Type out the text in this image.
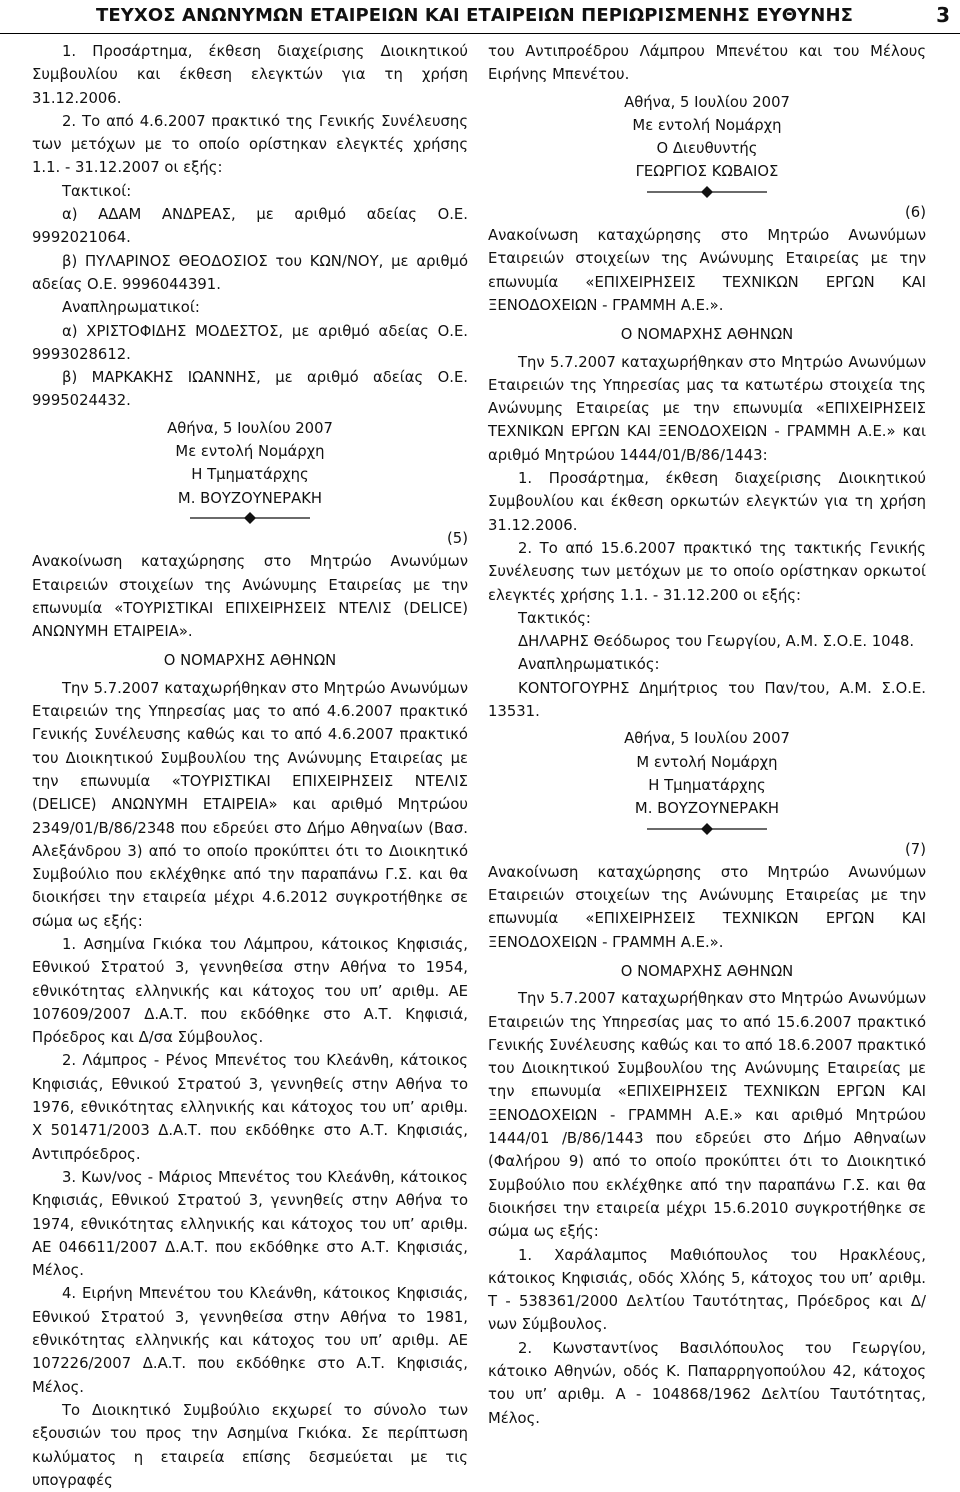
ΤΕΥΧΟΣ ΑΝΩΝΥΜΩΝ ΕΤΑΙΡΕΙΩΝ ΚΑΙ ΕΤΑΙΡΕΙΩΝ ΠΕΡΙΩΡΙΣΜΕΝΗΣ ΕΥΘΥΝΗΣ	3

1. Προσάρτημα, έκθεση διαχείρισης Διοικητικού Συμβουλίου και έκθεση ελεγκτών για τη χρήση 31.12.2006.

2. Το από 4.6.2007 πρακτικό της Γενικής Συνέλευσης των μετόχων με το οποίο ορίστηκαν ελεγκτές χρήσης 1.1. - 31.12.2007 οι εξής:

Τακτικοί:

α) ΑΔΑΜ ΑΝΔΡΕΑΣ, με αριθμό αδείας Ο.Ε. 9992021064.

β) ΠΥΛΑΡΙΝΟΣ ΘΕΟΔΟΣΙΟΣ του ΚΩΝ/ΝΟΥ, με αριθμό αδείας Ο.Ε. 9996044391.

Αναπληρωματικοί:

α) ΧΡΙΣΤΟΦΙΔΗΣ ΜΟΔΕΣΤΟΣ, με αριθμό αδείας Ο.Ε. 9993028612.

β) ΜΑΡΚΑΚΗΣ ΙΩΑΝΝΗΣ, με αριθμό αδείας Ο.Ε. 9995024432.

Αθήνα, 5 Ιουλίου 2007

Με εντολή Νομάρχη

Η Τμηματάρχης

Μ. ΒΟΥΖΟΥΝΕΡΑΚΗ

(5)

Ανακοίνωση καταχώρησης στο Μητρώο Ανωνύμων Εταιρειών στοιχείων της Ανώνυμης Εταιρείας με την επωνυμία «ΤΟΥΡΙΣΤΙΚΑΙ ΕΠΙΧΕΙΡΗΣΕΙΣ ΝΤΕΛΙΣ (DELICE) ΑΝΩΝΥΜΗ ΕΤΑΙΡΕΙΑ».

Ο ΝΟΜΑΡΧΗΣ ΑΘΗΝΩΝ

Την 5.7.2007 καταχωρήθηκαν στο Μητρώο Ανωνύμων Εταιρειών της Υπηρεσίας μας το από 4.6.2007 πρακτικό Γενικής Συνέλευσης καθώς και το από 4.6.2007 πρακτικό του Διοικητικού Συμβουλίου της Ανώνυμης Εταιρείας με την επωνυμία «ΤΟΥΡΙΣΤΙΚΑΙ ΕΠΙΧΕΙΡΗΣΕΙΣ ΝΤΕΛΙΣ (DELICE) ΑΝΩΝΥΜΗ ΕΤΑΙΡΕΙΑ» και αριθμό Μητρώου 2349/01/Β/86/2348 που εδρεύει στο Δήμο Αθηναίων (Βασ. Αλεξάνδρου 3) από το οποίο προκύπτει ότι το Διοικητικό Συμβούλιο που εκλέχθηκε από την παραπάνω Γ.Σ. και θα διοικήσει την εταιρεία μέχρι 4.6.2012 συγκροτήθηκε σε σώμα ως εξής:

1. Ασημίνα Γκιόκα του Λάμπρου, κάτοικος Κηφισιάς, Εθνικού Στρατού 3, γεννηθείσα στην Αθήνα το 1954, εθνικότητας ελληνικής και κάτοχος του υπ’ αριθμ. ΑΕ 107609/2007 Δ.Α.Τ. που εκδόθηκε στο Α.Τ. Κηφισιά, Πρόεδρος και Δ/σα Σύμβουλος.

2. Λάμπρος - Ρένος Μπενέτος του Κλεάνθη, κάτοικος Κηφισιάς, Εθνικού Στρατού 3, γεννηθείς στην Αθήνα το 1976, εθνικότητας ελληνικής και κάτοχος του υπ’ αριθμ. Χ 501471/2003 Δ.Α.Τ. που εκδόθηκε στο Α.Τ. Κηφισιάς, Αντιπρόεδρος.

3. Κων/νος - Μάριος Μπενέτος του Κλεάνθη, κάτοικος Κηφισιάς, Εθνικού Στρατού 3, γεννηθείς στην Αθήνα το 1974, εθνικότητας ελληνικής και κάτοχος του υπ’ αριθμ. ΑΕ 046611/2007 Δ.Α.Τ. που εκδόθηκε στο Α.Τ. Κηφισιάς, Μέλος.

4. Ειρήνη Μπενέτου του Κλεάνθη, κάτοικος Κηφισιάς, Εθνικού Στρατού 3, γεννηθείσα στην Αθήνα το 1981, εθνικότητας ελληνικής και κάτοχος του υπ’ αριθμ. ΑΕ 107226/2007 Δ.Α.Τ. που εκδόθηκε στο Α.Τ. Κηφισιάς, Μέλος.

Το Διοικητικό Συμβούλιο εκχωρεί το σύνολο των εξουσιών του προς την Ασημίνα Γκιόκα. Σε περίπτωση κωλύματος η εταιρεία επίσης δεσμεύεται με τις υπογραφές

του Αντιπροέδρου Λάμπρου Μπενέτου και του Μέλους Ειρήνης Μπενέτου.

Αθήνα, 5 Ιουλίου 2007

Με εντολή Νομάρχη

Ο Διευθυντής

ΓΕΩΡΓΙΟΣ ΚΩΒΑΙΟΣ

(6)

Ανακοίνωση καταχώρησης στο Μητρώο Ανωνύμων Εταιρειών στοιχείων της Ανώνυμης Εταιρείας με την επωνυμία «ΕΠΙΧΕΙΡΗΣΕΙΣ ΤΕΧΝΙΚΩΝ ΕΡΓΩΝ ΚΑΙ ΞΕΝΟΔΟΧΕΙΩΝ - ΓΡΑΜΜΗ Α.Ε.».

Ο ΝΟΜΑΡΧΗΣ ΑΘΗΝΩΝ

Την 5.7.2007 καταχωρήθηκαν στο Μητρώο Ανωνύμων Εταιρειών της Υπηρεσίας μας τα κατωτέρω στοιχεία της Ανώνυμης Εταιρείας με την επωνυμία «ΕΠΙΧΕΙΡΗΣΕΙΣ ΤΕΧΝΙΚΩΝ ΕΡΓΩΝ ΚΑΙ ΞΕΝΟΔΟΧΕΙΩΝ - ΓΡΑΜΜΗ Α.Ε.» και αριθμό Μητρώου 1444/01/Β/86/1443:

1. Προσάρτημα, έκθεση διαχείρισης Διοικητικού Συμβουλίου και έκθεση ορκωτών ελεγκτών για τη χρήση 31.12.2006.

2. Το από 15.6.2007 πρακτικό της τακτικής Γενικής Συνέλευσης των μετόχων με το οποίο ορίστηκαν ορκωτοί ελεγκτές χρήσης 1.1. - 31.12.200 οι εξής:

Τακτικός:

ΔΗΛΑΡΗΣ Θεόδωρος του Γεωργίου, Α.Μ. Σ.Ο.Ε. 1048.

Αναπληρωματικός:

ΚΟΝΤΟΓΟΥΡΗΣ Δημήτριος του Παν/του, Α.Μ. Σ.Ο.Ε. 13531.

Αθήνα, 5 Ιουλίου 2007

Μ εντολή Νομάρχη

Η Τμηματάρχης

Μ. ΒΟΥΖΟΥΝΕΡΑΚΗ

(7)

Ανακοίνωση καταχώρησης στο Μητρώο Ανωνύμων Εταιρειών στοιχείων της Ανώνυμης Εταιρείας με την επωνυμία «ΕΠΙΧΕΙΡΗΣΕΙΣ ΤΕΧΝΙΚΩΝ ΕΡΓΩΝ ΚΑΙ ΞΕΝΟΔΟΧΕΙΩΝ - ΓΡΑΜΜΗ Α.Ε.».

Ο ΝΟΜΑΡΧΗΣ ΑΘΗΝΩΝ

Την 5.7.2007 καταχωρήθηκαν στο Μητρώο Ανωνύμων Εταιρειών της Υπηρεσίας μας το από 15.6.2007 πρακτικό Γενικής Συνέλευσης καθώς και το από 18.6.2007 πρακτικό του Διοικητικού Συμβουλίου της Ανώνυμης Εταιρείας με την επωνυμία «ΕΠΙΧΕΙΡΗΣΕΙΣ ΤΕΧΝΙΚΩΝ ΕΡΓΩΝ ΚΑΙ ΞΕΝΟΔΟΧΕΙΩΝ - ΓΡΑΜΜΗ Α.Ε.» και αριθμό Μητρώου 1444/01 /Β/86/1443 που εδρεύει στο Δήμο Αθηναίων (Φαλήρου 9) από το οποίο προκύπτει ότι το Διοικητικό Συμβούλιο που εκλέχθηκε από την παραπάνω Γ.Σ. και θα διοικήσει την εταιρεία μέχρι 15.6.2010 συγκροτήθηκε σε σώμα ως εξής:

1. Χαράλαμπος Μαθιόπουλος του Ηρακλέους, κάτοικος Κηφισιάς, οδός Χλόης 5, κάτοχος του υπ’ αριθμ. Τ - 538361/2000 Δελτίου Ταυτότητας, Πρόεδρος και Δ/νων Σύμβουλος.

2. Κωνσταντίνος Βασιλόπουλος του Γεωργίου, κάτοικο Αθηνών, οδός Κ. Παπαρρηγοπούλου 42, κάτοχος του υπ’ αριθμ. Α - 104868/1962 Δελτίου Ταυτότητας, Μέλος.
